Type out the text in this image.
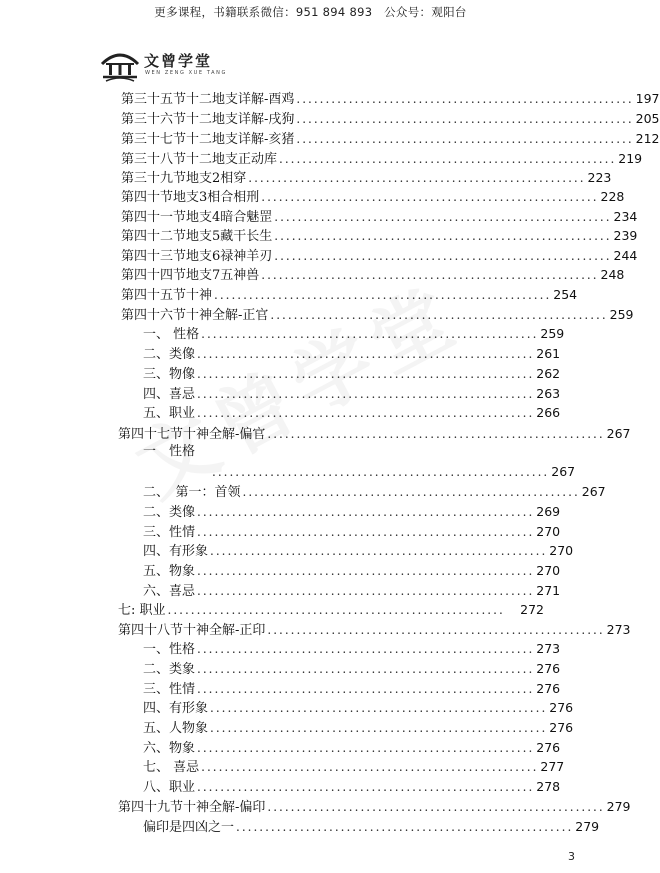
更多课程，书籍联系微信：951 894 893　公众号：观阳台
文曾学堂
WEN ZENG XUE TANG
第三十五节十二地支详解-酉鸡 .......................................................... 197
第三十六节十二地支详解-戌狗 .......................................................... 205
第三十七节十二地支详解-亥猪 .......................................................... 212
第三十八节十二地支正动库 .......................................................... 219
第三十九节地支2相穿 .......................................................... 223
第四十节地支3相合相刑 .......................................................... 228
第四十一节地支4暗合魅罡 .......................................................... 234
第四十二节地支5藏干长生 .......................................................... 239
第四十三节地支6禄神羊刃 .......................................................... 244
第四十四节地支7五神兽 .......................................................... 248
第四十五节十神 .......................................................... 254
第四十六节十神全解-正官 .......................................................... 259
一、 性格 .......................................................... 259
二、类像 .......................................................... 261
三、物像 .......................................................... 262
四、喜忌 .......................................................... 263
五、职业 .......................................................... 266
第四十七节十神全解-偏官 .......................................................... 267
一　性格
.......................................................... 267
二、　第一：首领 .......................................................... 267
二、类像 .......................................................... 269
三、性情 .......................................................... 270
四、有形象 .......................................................... 270
五、物象 .......................................................... 270
六、喜忌 .......................................................... 271
七: 职业 ..........................................................	272
第四十八节十神全解-正印 .......................................................... 273
一、性格 .......................................................... 273
二、类象 .......................................................... 276
三、性情 .......................................................... 276
四、有形象 .......................................................... 276
五、人物象 .......................................................... 276
六、物象 .......................................................... 276
七、 喜忌 .......................................................... 277
八、职业 .......................................................... 278
第四十九节十神全解-偏印 .......................................................... 279
偏印是四凶之一 .......................................................... 279
3
